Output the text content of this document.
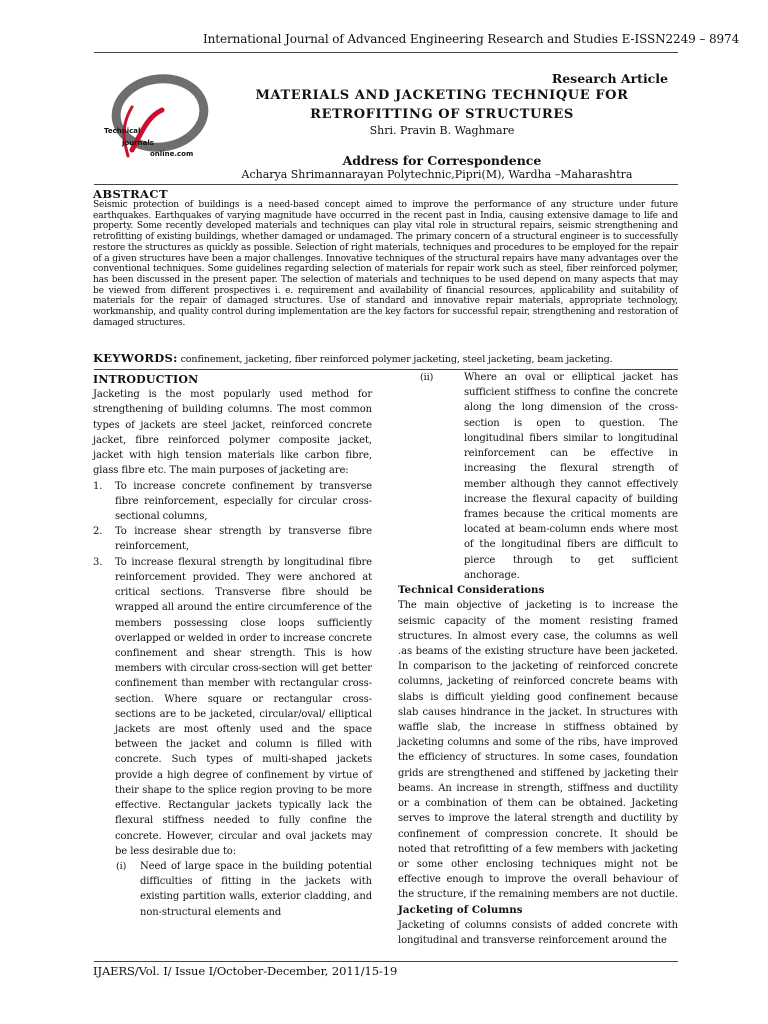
International Journal of Advanced Engineering Research and Studies E-ISSN2249 – 8974
Technical
journals
online.com
Research Article
MATERIALS AND JACKETING TECHNIQUE FOR
RETROFITTING OF STRUCTURES
Shri. Pravin B. Waghmare
Address for Correspondence
Acharya Shrimannarayan Polytechnic,Pipri(M), Wardha –Maharashtra
ABSTRACT
Seismic protection of buildings is a need-based concept aimed to improve the performance of any structure under future earthquakes. Earthquakes of varying magnitude have occurred in the recent past in India, causing extensive damage to life and property. Some recently developed materials and techniques can play vital role in structural repairs, seismic strengthening and retrofitting of existing buildings, whether damaged or undamaged. The primary concern of a structural engineer is to successfully restore the structures as quickly as possible. Selection of right materials, techniques and procedures to be employed for the repair of a given structures have been a major challenges. Innovative techniques of the structural repairs have many advantages over the conventional techniques. Some guidelines regarding selection of materials for repair work such as steel, fiber reinforced polymer, has been discussed in the present paper. The selection of materials and techniques to be used depend on many aspects that may be viewed from different prospectives i. e. requirement and availability of financial resources, applicability and suitability of materials for the repair of damaged structures. Use of standard and innovative repair materials, appropriate technology, workmanship, and quality control during implementation are the key factors for successful repair, strengthening and restoration of damaged structures.
KEYWORDS: confinement, jacketing, fiber reinforced polymer jacketing, steel jacketing, beam jacketing.
INTRODUCTION

Jacketing is the most popularly used method for strengthening of building columns. The most common types of jackets are steel jacket, reinforced concrete jacket, fibre reinforced polymer composite jacket, jacket with high tension materials like carbon fibre, glass fibre etc. The main purposes of jacketing are:

1.	To increase concrete confinement by transverse fibre reinforcement, especially for circular cross-sectional columns,
2.	To increase shear strength by transverse fibre reinforcement,
3.	To increase flexural strength by longitudinal fibre reinforcement provided. They were anchored at critical sections. Transverse fibre should be wrapped all around the entire circumference of the members possessing close loops sufficiently overlapped or welded in order to increase concrete confinement and shear strength. This is how members with circular cross-section will get better confinement than member with rectangular cross-section. Where square or rectangular cross-sections are to be jacketed, circular/oval/ elliptical jackets are most oftenly used and the space between the jacket and column is filled with concrete. Such types of multi-shaped jackets provide a high degree of confinement by virtue of their shape to the splice region proving to be more effective. Rectangular jackets typically lack the flexural stiffness needed to fully confine the concrete. However, circular and oval jackets may be less desirable due to:
(i)	Need of large space in the building potential difficulties of fitting in the jackets with existing partition walls, exterior cladding, and non-structural elements and
(ii)	Where an oval or elliptical jacket has sufficient stiffness to confine the concrete along the long dimension of the cross-section is open to question. The longitudinal fibers similar to longitudinal reinforcement can be effective in increasing the flexural strength of member although they cannot effectively increase the flexural capacity of building frames because the critical moments are located at beam-column ends where most of the longitudinal fibers are difficult to pierce through to get sufficient anchorage.
Technical Considerations

The main objective of jacketing is to increase the seismic capacity of the moment resisting framed structures. In almost every case, the columns as well .as beams of the existing structure have been jacketed. In comparison to the jacketing of reinforced concrete columns, jacketing of reinforced concrete beams with slabs is difficult yielding good confinement because slab causes hindrance in the jacket. In structures with waffle slab, the increase in stiffness obtained by jacketing columns and some of the ribs, have improved the efficiency of structures. In some cases, foundation grids are strengthened and stiffened by jacketing their beams. An increase in strength, stiffness and ductility or a combination of them can be obtained. Jacketing serves to improve the lateral strength and ductility by confinement of compression concrete. It should be noted that retrofitting of a few members with jacketing or some other enclosing techniques might not be effective enough to improve the overall behaviour of the structure, if the remaining members are not ductile.

Jacketing of Columns

Jacketing of columns consists of added concrete with longitudinal and transverse reinforcement around the

IJAERS/Vol. I/ Issue I/October-December, 2011/15-19
